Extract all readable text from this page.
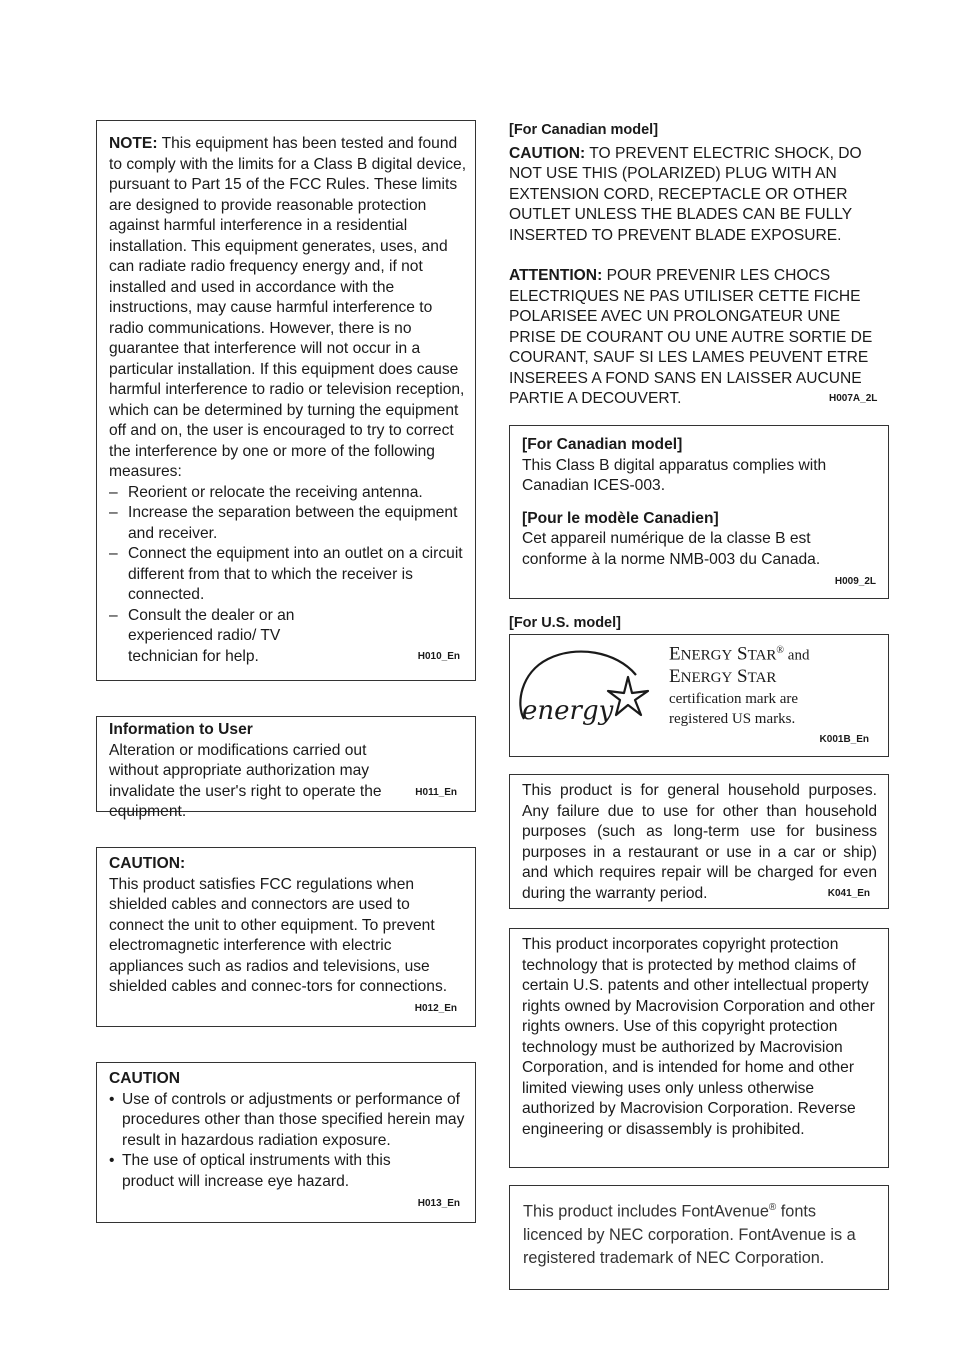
NOTE: This equipment has been tested and found to comply with the limits for a Class B digital device, pursuant to Part 15 of the FCC Rules. These limits are designed to provide reasonable protection against harmful interference in a residential installation. This equipment generates, uses, and can radiate radio frequency energy and, if not installed and used in accordance with the instructions, may cause harmful interference to radio communications. However, there is no guarantee that interference will not occur in a particular installation. If this equipment does cause harmful interference to radio or television reception, which can be determined by turning the equipment off and on, the user is encouraged to try to correct the interference by one or more of the following measures:
– Reorient or relocate the receiving antenna.
– Increase the separation between the equipment and receiver.
– Connect the equipment into an outlet on a circuit different from that to which the receiver is connected.
– Consult the dealer or an experienced radio/ TV technician for help.	H010_En
Information to User
Alteration or modifications carried out without appropriate authorization may invalidate the user's right to operate the equipment.
H011_En
CAUTION:
This product satisfies FCC regulations when shielded cables and connectors are used to connect the unit to other equipment. To prevent electromagnetic interference with electric appliances such as radios and televisions, use shielded cables and connec-tors for connections.
H012_En
CAUTION
• Use of controls or adjustments or performance of procedures other than those specified herein may result in hazardous radiation exposure.
• The use of optical instruments with this product will increase eye hazard.
H013_En
[For Canadian model]
CAUTION: TO PREVENT ELECTRIC SHOCK, DO NOT USE THIS (POLARIZED) PLUG WITH AN EXTENSION CORD, RECEPTACLE OR OTHER OUTLET UNLESS THE BLADES CAN BE FULLY INSERTED TO PREVENT BLADE EXPOSURE.
ATTENTION: POUR PREVENIR LES CHOCS ELECTRIQUES NE PAS UTILISER CETTE FICHE POLARISEE AVEC UN PROLONGATEUR UNE PRISE DE COURANT OU UNE AUTRE SORTIE DE COURANT, SAUF SI LES LAMES PEUVENT ETRE INSEREES A FOND SANS EN LAISSER AUCUNE PARTIE A DECOUVERT.	H007A_2L
[For Canadian model]
This Class B digital apparatus complies with Canadian ICES-003.
[Pour le modèle Canadien]
Cet appareil numérique de la classe B est conforme à la norme NMB-003 du Canada.
H009_2L
[For U.S. model]
energy
ENERGY STAR® and
ENERGY STAR
certification mark are
registered US marks.
K001B_En
This product is for general household purposes. Any failure due to use for other than household purposes (such as long-term use for business purposes in a restaurant or use in a car or ship) and which requires repair will be charged for even during the warranty period.	K041_En
This product incorporates copyright protection technology that is protected by method claims of certain U.S. patents and other intellectual property rights owned by Macrovision Corporation and other rights owners. Use of this copyright protection technology must be authorized by Macrovision Corporation, and is intended for home and other limited viewing uses only unless otherwise authorized by Macrovision Corporation. Reverse engineering or disassembly is prohibited.
This product includes FontAvenue® fonts licenced by NEC corporation. FontAvenue is a registered trademark of NEC Corporation.
